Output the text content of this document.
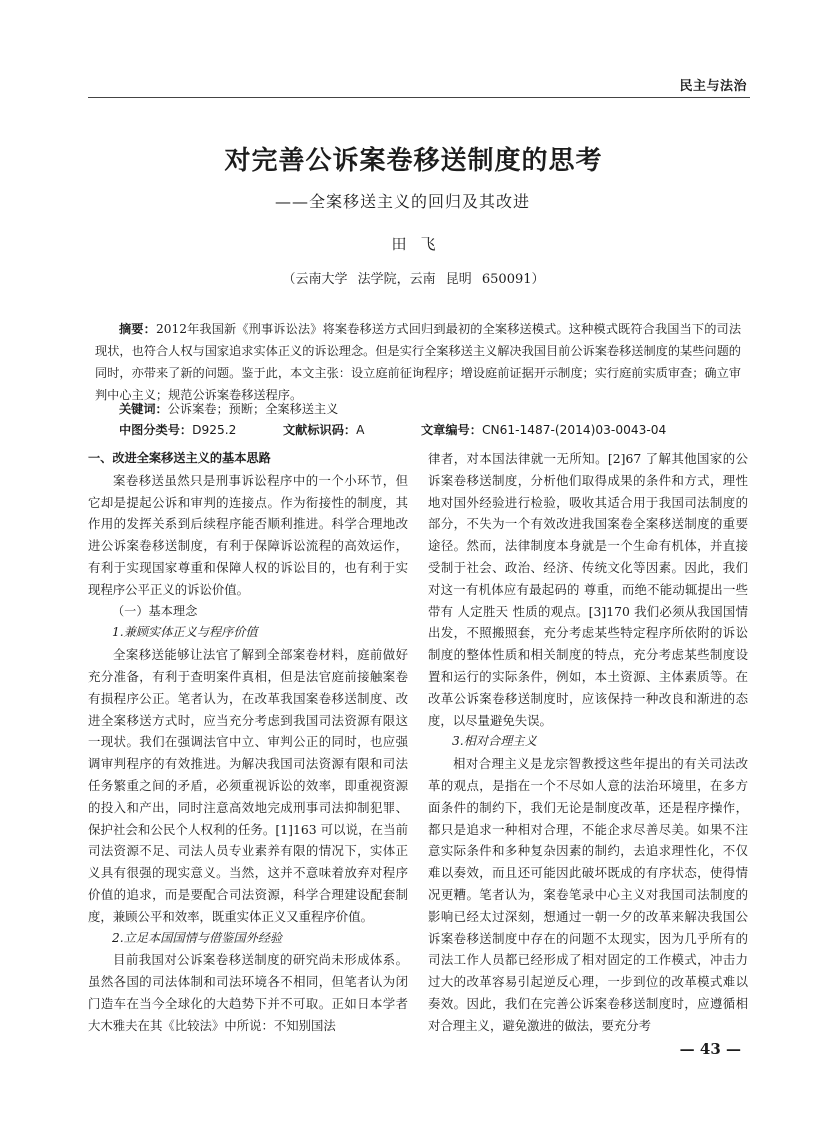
民主与法治
对完善公诉案卷移送制度的思考
——全案移送主义的回归及其改进
田飞
（云南大学 法学院，云南 昆明 650091）
摘要：2012年我国新《刑事诉讼法》将案卷移送方式回归到最初的全案移送模式。这种模式既符合我国当下的司法现状，也符合人权与国家追求实体正义的诉讼理念。但是实行全案移送主义解决我国目前公诉案卷移送制度的某些问题的同时，亦带来了新的问题。鉴于此，本文主张：设立庭前征询程序；增设庭前证据开示制度；实行庭前实质审查；确立审判中心主义；规范公诉案卷移送程序。
关键词：公诉案卷；预断；全案移送主义
中图分类号：D925.2	文献标识码：A	文章编号：CN61-1487-(2014)03-0043-04

一、改进全案移送主义的基本思路

案卷移送虽然只是刑事诉讼程序中的一个小环节，但它却是提起公诉和审判的连接点。作为衔接性的制度，其作用的发挥关系到后续程序能否顺利推进。科学合理地改进公诉案卷移送制度，有利于保障诉讼流程的高效运作，有利于实现国家尊重和保障人权的诉讼目的，也有利于实现程序公平正义的诉讼价值。

（一）基本理念

1.兼顾实体正义与程序价值

全案移送能够让法官了解到全部案卷材料，庭前做好充分准备，有利于查明案件真相，但是法官庭前接触案卷有损程序公正。笔者认为，在改革我国案卷移送制度、改进全案移送方式时，应当充分考虑到我国司法资源有限这一现状。我们在强调法官中立、审判公正的同时，也应强调审判程序的有效推进。为解决我国司法资源有限和司法任务繁重之间的矛盾，必须重视诉讼的效率，即重视资源的投入和产出，同时注意高效地完成刑事司法抑制犯罪、保护社会和公民个人权利的任务。[1]163 可以说，在当前司法资源不足、司法人员专业素养有限的情况下，实体正义具有很强的现实意义。当然，这并不意味着放弃对程序价值的追求，而是要配合司法资源，科学合理建设配套制度，兼顾公平和效率，既重实体正义又重程序价值。

2.立足本国国情与借鉴国外经验

目前我国对公诉案卷移送制度的研究尚未形成体系。虽然各国的司法体制和司法环境各不相同，但笔者认为闭门造车在当今全球化的大趋势下并不可取。正如日本学者大木雅夫在其《比较法》中所说：不知别国法

律者，对本国法律就一无所知。[2]67 了解其他国家的公诉案卷移送制度，分析他们取得成果的条件和方式，理性地对国外经验进行检验，吸收其适合用于我国司法制度的部分，不失为一个有效改进我国案卷全案移送制度的重要途径。然而，法律制度本身就是一个生命有机体，并直接受制于社会、政治、经济、传统文化等因素。因此，我们对这一有机体应有最起码的 尊重，而绝不能动辄提出一些带有 人定胜天 性质的观点。[3]170 我们必须从我国国情出发，不照搬照套，充分考虑某些特定程序所依附的诉讼制度的整体性质和相关制度的特点，充分考虑某些制度设置和运行的实际条件，例如，本土资源、主体素质等。在改革公诉案卷移送制度时，应该保持一种改良和渐进的态度，以尽量避免失误。

3.相对合理主义

相对合理主义是龙宗智教授这些年提出的有关司法改革的观点，是指在一个不尽如人意的法治环境里，在多方面条件的制约下，我们无论是制度改革，还是程序操作，都只是追求一种相对合理，不能企求尽善尽美。如果不注意实际条件和多种复杂因素的制约，去追求理性化，不仅难以奏效，而且还可能因此破坏既成的有序状态，使得情况更糟。笔者认为，案卷笔录中心主义对我国司法制度的影响已经太过深刻，想通过一朝一夕的改革来解决我国公诉案卷移送制度中存在的问题不太现实，因为几乎所有的司法工作人员都已经形成了相对固定的工作模式，冲击力过大的改革容易引起逆反心理，一步到位的改革模式难以奏效。因此，我们在完善公诉案卷移送制度时，应遵循相对合理主义，避免激进的做法，要充分考

— 43 —
